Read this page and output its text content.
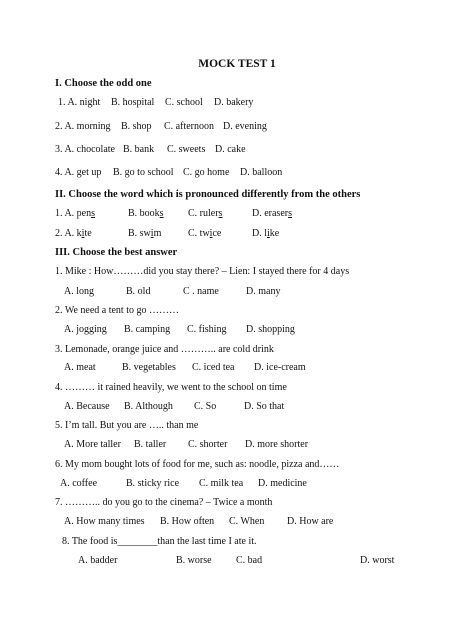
MOCK TEST 1
I. Choose the odd one
1. A. night B. hospital C. school D. bakery
2. A. morning B. shop C. afternoon D. evening
3. A. chocolate B. bank C. sweets D. cake
4. A. get up B. go to school C. go home D. balloon
II. Choose the word which is pronounced differently from the others
1. A. pens	B. books C. rulers	D. erasers
2. A. kite	B. swim	C. twice	D. like
III. Choose the best answer
1. Mike : How………did you stay there? – Lien: I stayed there for 4 days
A. long	B. old	C . name	D. many
2. We need a tent to go ………
A. jogging B. camping C. fishing D. shopping
3. Lemonade, orange juice and ……….. are cold drink
A. meat	B. vegetables C. iced tea D. ice-cream
4. ……… it rained heavily, we went to the school on time
A. Because B. Although C. So	D. So that
5. I’m tall. But you are ….. than me
A. More taller B. taller C. shorter D. more shorter
6. My mom bought lots of food for me, such as: noodle, pizza and……
A. coffee	B. sticky rice C. milk tea D. medicine
7. ……….. do you go to the cinema? – Twice a month
A. How many times B. How often C. When D. How are
8. The food is________than the last time I ate it.
A. badder	B. worse C. bad	D. worst
